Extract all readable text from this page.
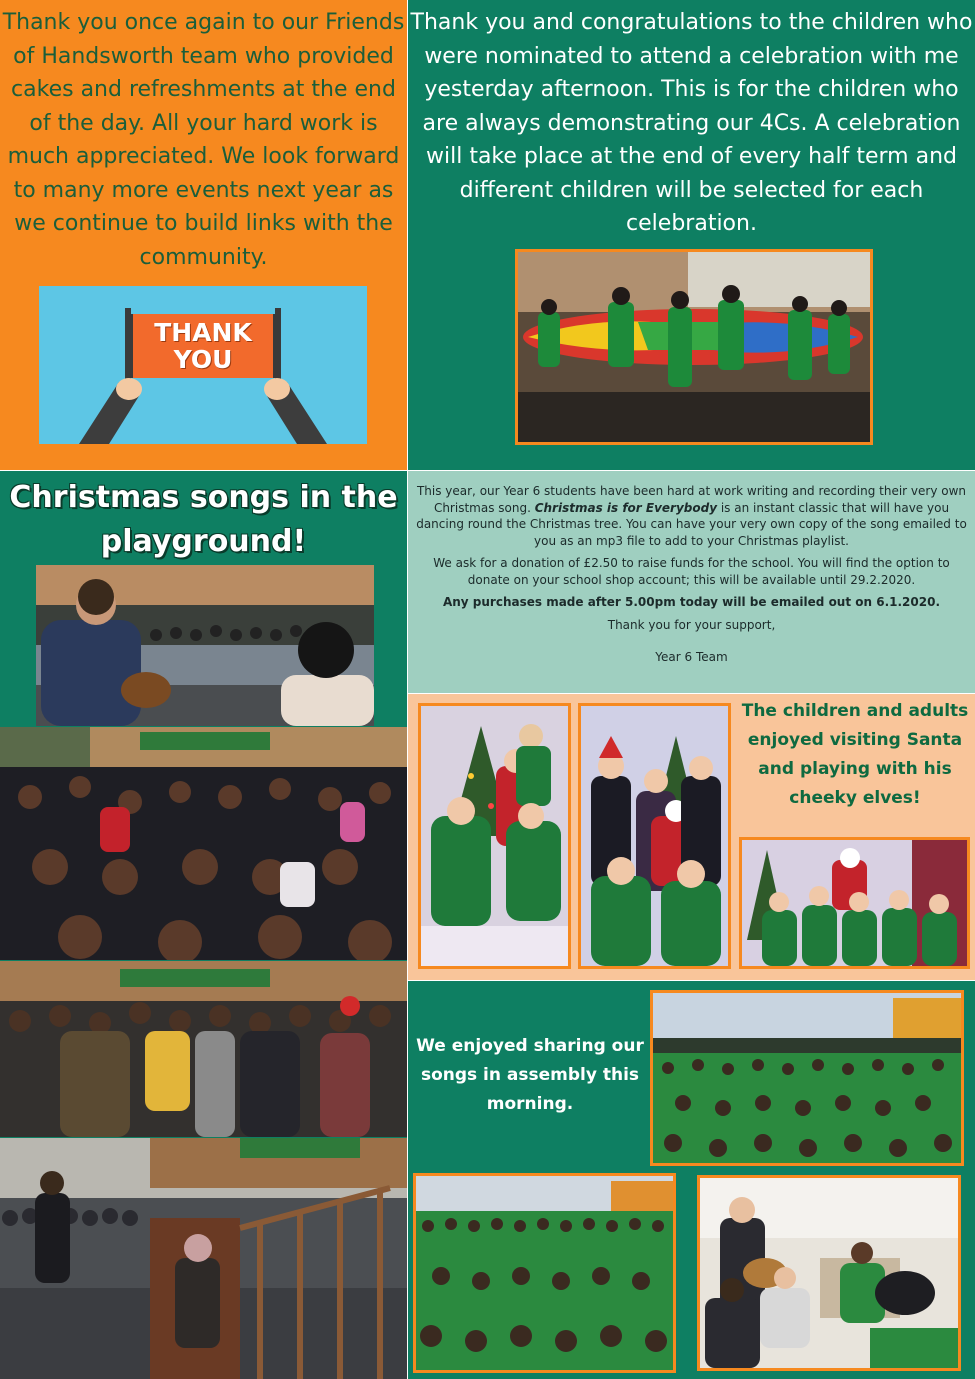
Thank you once again to our Friends of Handsworth team who provided cakes and refreshments at the end of the day. All your hard work is much appreciated. We look forward to many more events next year as we continue to build links with the community.
THANK
YOU
Thank you and congratulations to the children who were nominated to attend a celebration with me yesterday afternoon. This is for the children who are always demonstrating our 4Cs. A celebration will take place at the end of every half term and different children will be selected for each celebration.
Christmas songs in the
playground!

This year, our Year 6 students have been hard at work writing and recording their very own Christmas song. Christmas is for Everybody is an instant classic that will have you dancing round the Christmas tree. You can have your very own copy of the song emailed to you as an mp3 file to add to your Christmas playlist.

We ask for a donation of £2.50 to raise funds for the school. You will find the option to donate on your school shop account; this will be available until 29.2.2020.

Any purchases made after 5.00pm today will be emailed out on 6.1.2020.

Thank you for your support,

Year 6 Team

The children and adults enjoyed visiting Santa and playing with his cheeky elves!
We enjoyed sharing our songs in assembly this morning.
